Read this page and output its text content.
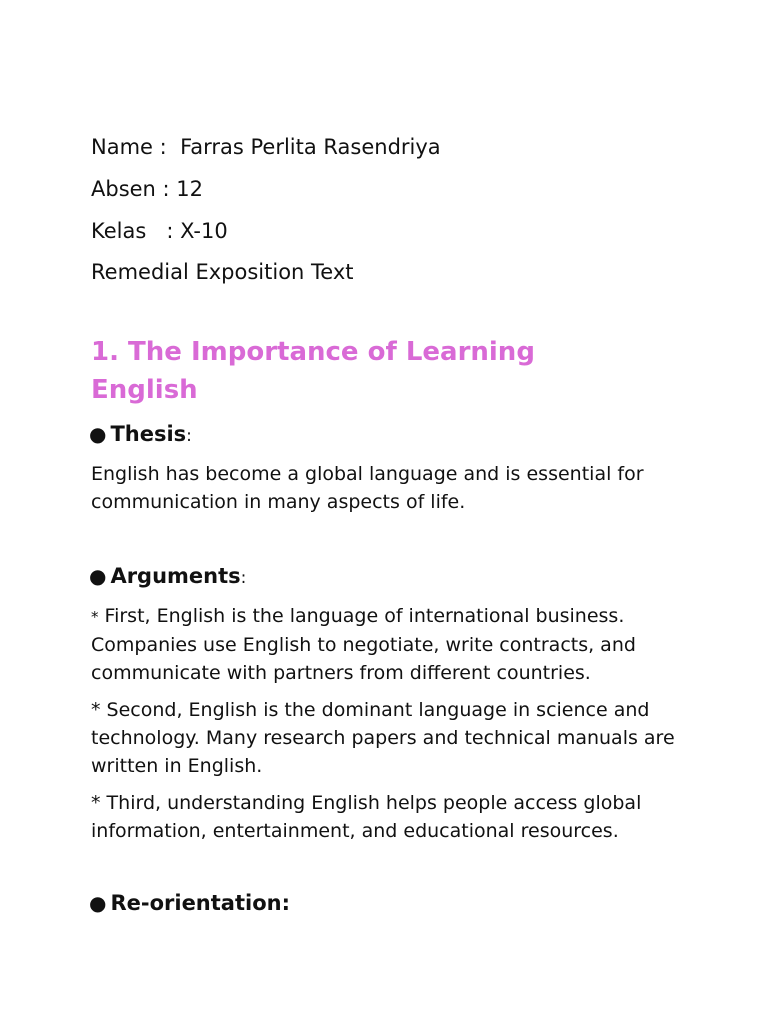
Name : Farras Perlita Rasendriya
Absen : 12
Kelas : X-10
Remedial Exposition Text
1. The Importance of Learning
English
● Thesis:
English has become a global language and is essential for communication in many aspects of life.
● Arguments:
* First, English is the language of international business. Companies use English to negotiate, write contracts, and communicate with partners from different countries.
* Second, English is the dominant language in science and technology. Many research papers and technical manuals are written in English.
* Third, understanding English helps people access global information, entertainment, and educational resources.
● Re-orientation:
